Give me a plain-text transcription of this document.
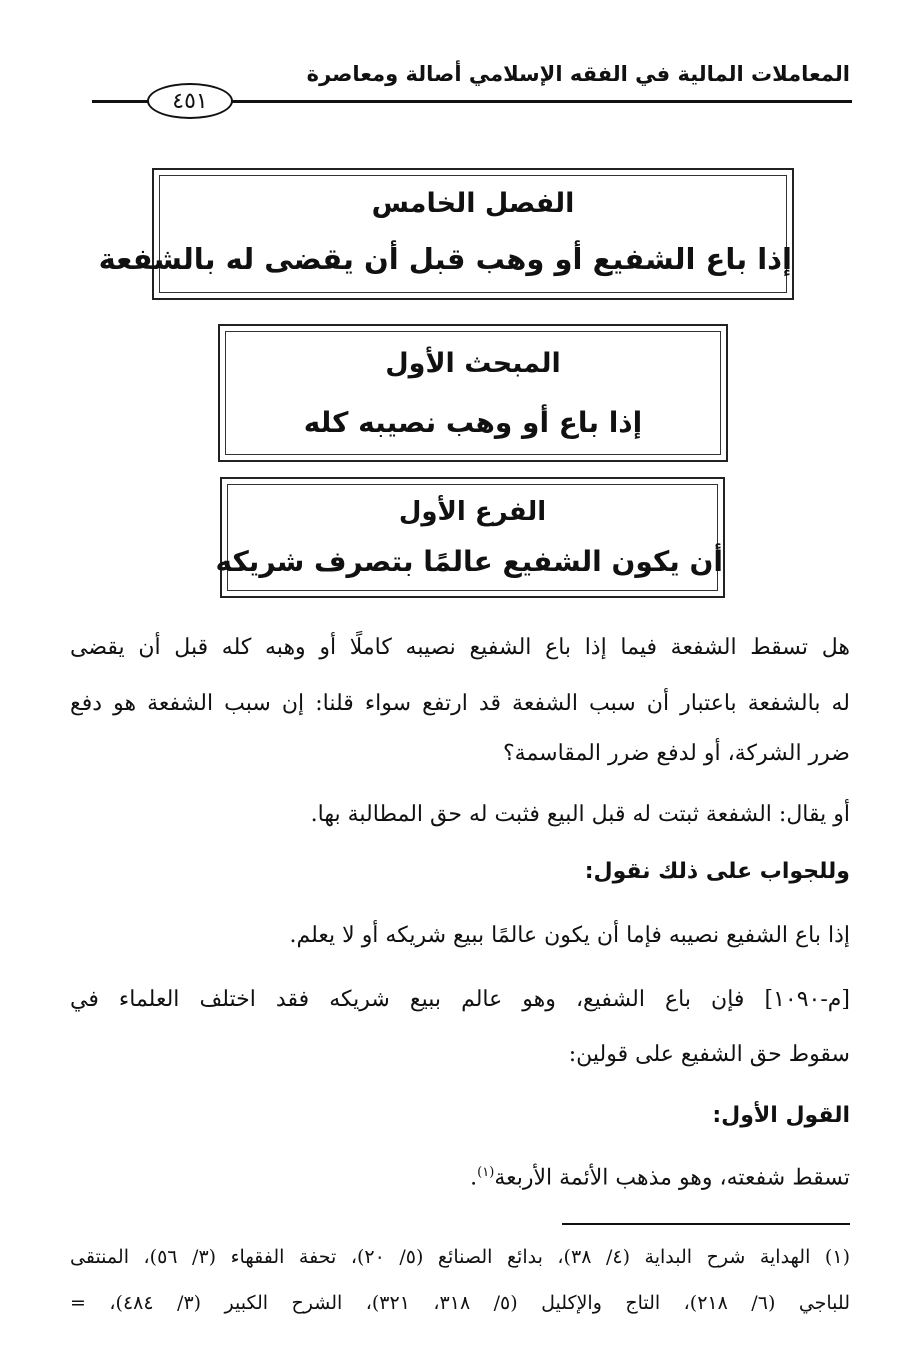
المعاملات المالية في الفقه الإسلامي أصالة ومعاصرة
٤٥١
الفصل الخامس
إذا باع الشفيع أو وهب قبل أن يقضى له بالشفعة
المبحث الأول
إذا باع أو وهب نصيبه كله
الفرع الأول
أن يكون الشفيع عالمًا بتصرف شريكه
هل تسقط الشفعة فيما إذا باع الشفيع نصيبه كاملًا أو وهبه كله قبل أن يقضى
له بالشفعة باعتبار أن سبب الشفعة قد ارتفع سواء قلنا: إن سبب الشفعة هو دفع
ضرر الشركة، أو لدفع ضرر المقاسمة؟
أو يقال: الشفعة ثبتت له قبل البيع فثبت له حق المطالبة بها.
وللجواب على ذلك نقول:
إذا باع الشفيع نصيبه فإما أن يكون عالمًا ببيع شريكه أو لا يعلم.
[م-١٠٩٠] فإن باع الشفيع، وهو عالم ببيع شريكه فقد اختلف العلماء في
سقوط حق الشفيع على قولين:
القول الأول:
تسقط شفعته، وهو مذهب الأئمة الأربعة$^{(١)}$.
(١) الهداية شرح البداية (٤/ ٣٨)، بدائع الصنائع (٥/ ٢٠)، تحفة الفقهاء (٣/ ٥٦)، المنتقى
للباجي (٦/ ٢١٨)، التاج والإكليل (٥/ ٣١٨، ٣٢١)، الشرح الكبير (٣/ ٤٨٤)، =
